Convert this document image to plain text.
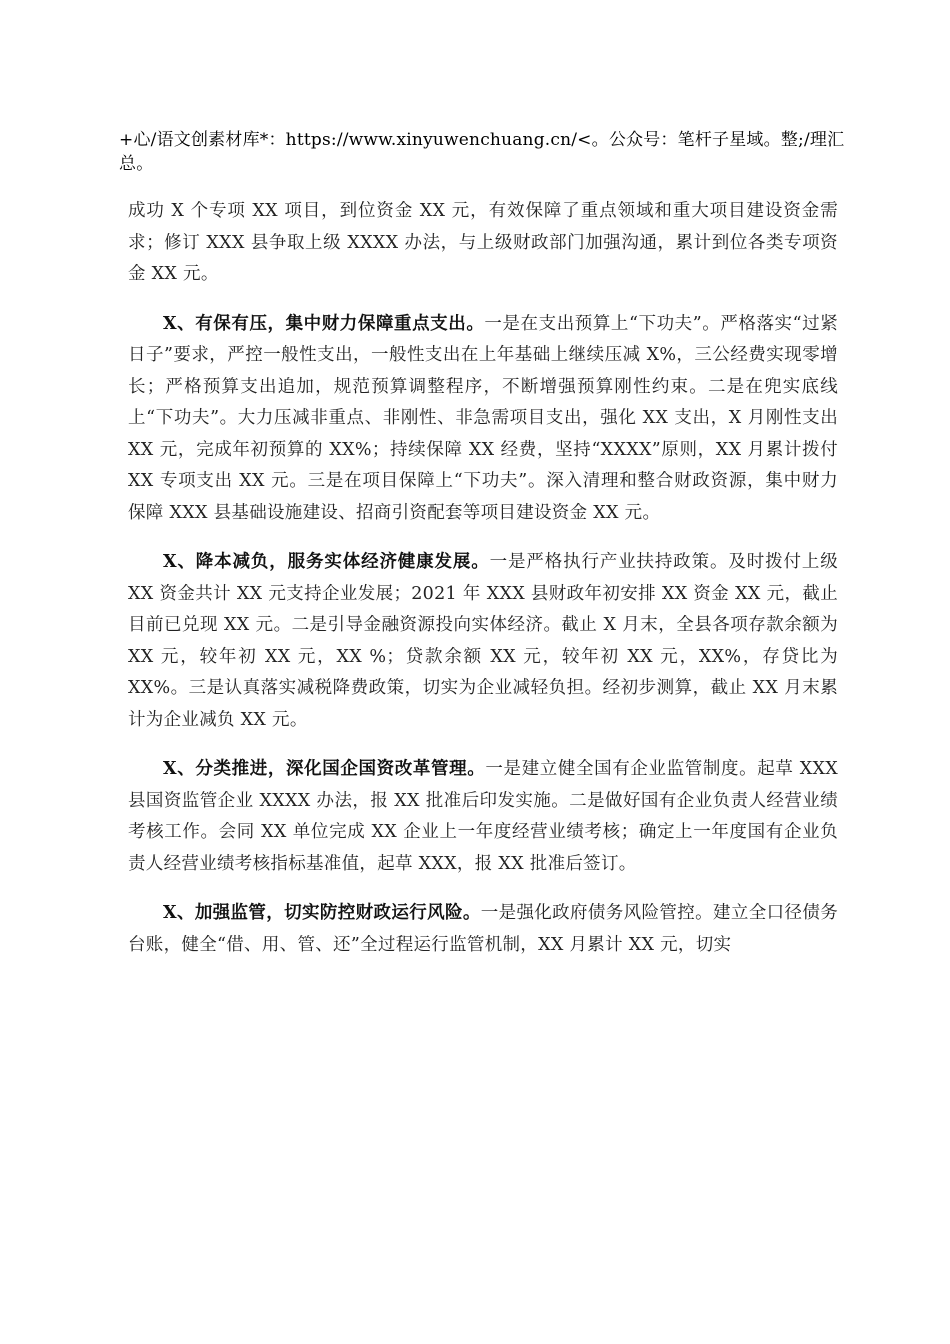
+心/语文创素材库*：https://www.xinyuwenchuang.cn/<。公众号：笔杆子星域。整;/理汇总。

成功 X 个专项 XX 项目，到位资金 XX 元，有效保障了重点领域和重大项目建设资金需求；修订 XXX 县争取上级 XXXX 办法，与上级财政部门加强沟通，累计到位各类专项资金 XX 元。

X、有保有压，集中财力保障重点支出。一是在支出预算上“下功夫”。严格落实“过紧日子”要求，严控一般性支出，一般性支出在上年基础上继续压减 X%，三公经费实现零增长；严格预算支出追加，规范预算调整程序，不断增强预算刚性约束。二是在兜实底线上“下功夫”。大力压减非重点、非刚性、非急需项目支出，强化 XX 支出，X 月刚性支出 XX 元，完成年初预算的 XX%；持续保障 XX 经费，坚持“XXXX”原则，XX 月累计拨付 XX 专项支出 XX 元。三是在项目保障上“下功夫”。深入清理和整合财政资源，集中财力保障 XXX 县基础设施建设、招商引资配套等项目建设资金 XX 元。

X、降本减负，服务实体经济健康发展。一是严格执行产业扶持政策。及时拨付上级 XX 资金共计 XX 元支持企业发展；2021 年 XXX 县财政年初安排 XX 资金 XX 元，截止目前已兑现 XX 元。二是引导金融资源投向实体经济。截止 X 月末，全县各项存款余额为 XX 元，较年初 XX 元，XX %；贷款余额 XX 元，较年初 XX 元，XX%，存贷比为 XX%。三是认真落实减税降费政策，切实为企业减轻负担。经初步测算，截止 XX 月末累计为企业减负 XX 元。

X、分类推进，深化国企国资改革管理。一是建立健全国有企业监管制度。起草 XXX 县国资监管企业 XXXX 办法，报 XX 批准后印发实施。二是做好国有企业负责人经营业绩考核工作。会同 XX 单位完成 XX 企业上一年度经营业绩考核；确定上一年度国有企业负责人经营业绩考核指标基准值，起草 XXX，报 XX 批准后签订。

X、加强监管，切实防控财政运行风险。一是强化政府债务风险管控。建立全口径债务台账，健全“借、用、管、还”全过程运行监管机制，XX 月累计 XX 元，切实
